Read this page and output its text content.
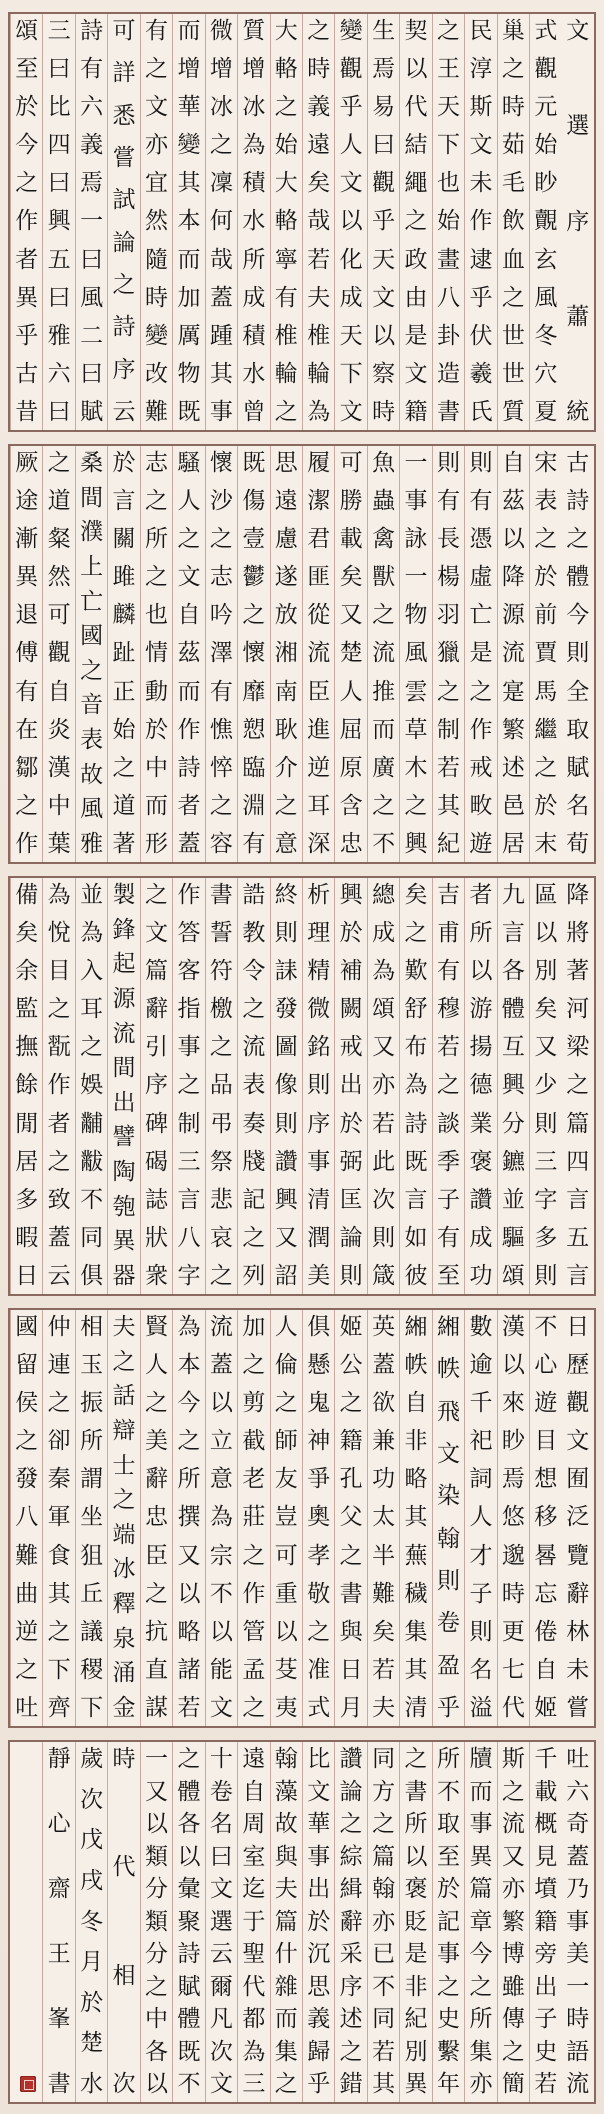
文
選
序
蕭
統
式
觀
元
始
眇
覿
玄
風
冬
穴
夏
巢
之
時
茹
毛
飲
血
之
世
世
質
民
淳
斯
文
未
作
逮
乎
伏
羲
氏
之
王
天
下
也
始
畫
八
卦
造
書
契
以
代
結
繩
之
政
由
是
文
籍
生
焉
易
曰
觀
乎
天
文
以
察
時
變
觀
乎
人
文
以
化
成
天
下
文
之
時
義
遠
矣
哉
若
夫
椎
輪
為
大
輅
之
始
大
輅
寧
有
椎
輪
之
質
增
冰
為
積
水
所
成
積
水
曾
微
增
冰
之
凜
何
哉
蓋
踵
其
事
而
增
華
變
其
本
而
加
厲
物
既
有
之
文
亦
宜
然
隨
時
變
改
難
可
詳
悉
嘗
試
論
之
詩
序
云
詩
有
六
義
焉
一
曰
風
二
曰
賦
三
曰
比
四
曰
興
五
曰
雅
六
曰
頌
至
於
今
之
作
者
異
乎
古
昔
古
詩
之
體
今
則
全
取
賦
名
荀
宋
表
之
於
前
賈
馬
繼
之
於
末
自
茲
以
降
源
流
寔
繁
述
邑
居
則
有
憑
虛
亡
是
之
作
戒
畋
遊
則
有
長
楊
羽
獵
之
制
若
其
紀
一
事
詠
一
物
風
雲
草
木
之
興
魚
蟲
禽
獸
之
流
推
而
廣
之
不
可
勝
載
矣
又
楚
人
屈
原
含
忠
履
潔
君
匪
從
流
臣
進
逆
耳
深
思
遠
慮
遂
放
湘
南
耿
介
之
意
既
傷
壹
鬱
之
懷
靡
愬
臨
淵
有
懷
沙
之
志
吟
澤
有
憔
悴
之
容
騷
人
之
文
自
茲
而
作
詩
者
蓋
志
之
所
之
也
情
動
於
中
而
形
於
言
關
雎
麟
趾
正
始
之
道
著
桑
間
濮
上
亡
國
之
音
表
故
風
雅
之
道
粲
然
可
觀
自
炎
漢
中
葉
厥
途
漸
異
退
傅
有
在
鄒
之
作
降
將
著
河
梁
之
篇
四
言
五
言
區
以
別
矣
又
少
則
三
字
多
則
九
言
各
體
互
興
分
鑣
並
驅
頌
者
所
以
游
揚
德
業
褒
讚
成
功
吉
甫
有
穆
若
之
談
季
子
有
至
矣
之
歎
舒
布
為
詩
既
言
如
彼
總
成
為
頌
又
亦
若
此
次
則
箴
興
於
補
闕
戒
出
於
弼
匡
論
則
析
理
精
微
銘
則
序
事
清
潤
美
終
則
誄
發
圖
像
則
讚
興
又
詔
誥
教
令
之
流
表
奏
牋
記
之
列
書
誓
符
檄
之
品
弔
祭
悲
哀
之
作
答
客
指
事
之
制
三
言
八
字
之
文
篇
辭
引
序
碑
碣
誌
狀
衆
製
鋒
起
源
流
間
出
譬
陶
匏
異
器
並
為
入
耳
之
娛
黼
黻
不
同
俱
為
悅
目
之
翫
作
者
之
致
蓋
云
備
矣
余
監
撫
餘
閒
居
多
暇
日
日
歷
觀
文
囿
泛
覽
辭
林
未
嘗
不
心
遊
目
想
移
晷
忘
倦
自
姬
漢
以
來
眇
焉
悠
邈
時
更
七
代
數
逾
千
祀
詞
人
才
子
則
名
溢
緗
帙
飛
文
染
翰
則
卷
盈
乎
緗
帙
自
非
略
其
蕪
穢
集
其
清
英
蓋
欲
兼
功
太
半
難
矣
若
夫
姬
公
之
籍
孔
父
之
書
與
日
月
俱
懸
鬼
神
爭
奧
孝
敬
之
准
式
人
倫
之
師
友
豈
可
重
以
芟
夷
加
之
剪
截
老
莊
之
作
管
孟
之
流
蓋
以
立
意
為
宗
不
以
能
文
為
本
今
之
所
撰
又
以
略
諸
若
賢
人
之
美
辭
忠
臣
之
抗
直
謀
夫
之
話
辯
士
之
端
冰
釋
泉
涌
金
相
玉
振
所
謂
坐
狙
丘
議
稷
下
仲
連
之
卻
秦
軍
食
其
之
下
齊
國
留
侯
之
發
八
難
曲
逆
之
吐
吐
六
奇
蓋
乃
事
美
一
時
語
流
千
載
概
見
墳
籍
旁
出
子
史
若
斯
之
流
又
亦
繁
博
雖
傳
之
簡
牘
而
事
異
篇
章
今
之
所
集
亦
所
不
取
至
於
記
事
之
史
繫
年
之
書
所
以
褒
貶
是
非
紀
別
異
同
方
之
篇
翰
亦
已
不
同
若
其
讚
論
之
綜
緝
辭
采
序
述
之
錯
比
文
華
事
出
於
沉
思
義
歸
乎
翰
藻
故
與
夫
篇
什
雜
而
集
之
遠
自
周
室
迄
于
聖
代
都
為
三
十
卷
名
曰
文
選
云
爾
凡
次
文
之
體
各
以
彙
聚
詩
賦
體
既
不
一
又
以
類
分
類
分
之
中
各
以
時
代
相
次
歲
次
戊
戌
冬
月
於
楚
水
靜
心
齋
王
峯
書
